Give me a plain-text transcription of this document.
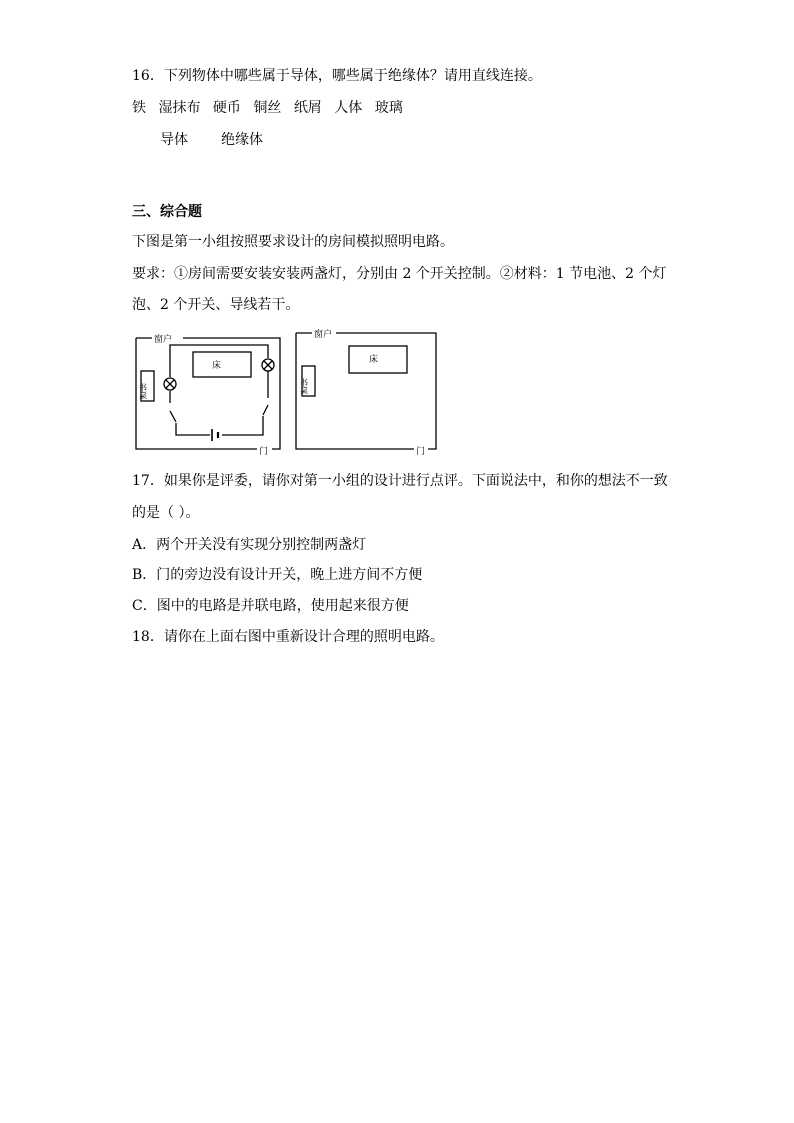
16．下列物体中哪些属于导体，哪些属于绝缘体？请用直线连接。
铁 湿抹布 硬币 铜丝 纸屑 人体 玻璃
导体 绝缘体
三、综合题
下图是第一小组按照要求设计的房间模拟照明电路。
要求：①房间需要安装安装两盏灯，分别由 2 个开关控制。②材料：1 节电池、2 个灯
泡、2 个开关、导线若干。
窗户
门
床
书桌
窗户
门
床
书桌
17．如果你是评委，请你对第一小组的设计进行点评。下面说法中，和你的想法不一致
的是（ ）。
A．两个开关没有实现分别控制两盏灯
B．门的旁边没有设计开关，晚上进方间不方便
C．图中的电路是并联电路，使用起来很方便
18．请你在上面右图中重新设计合理的照明电路。
